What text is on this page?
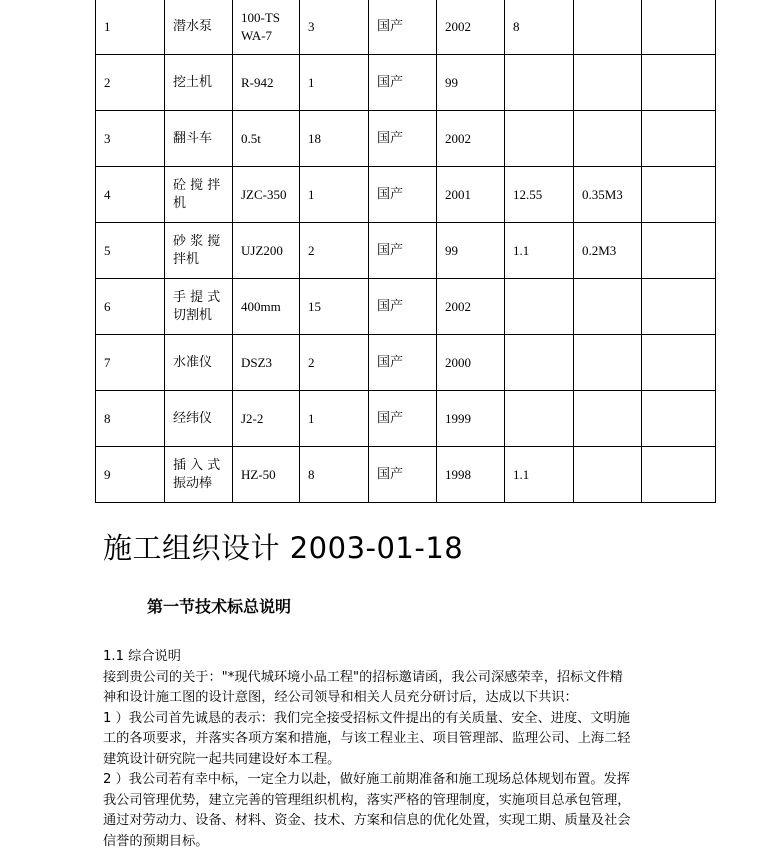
1	潜水泵	100-TSWA-7	3	国产	2002	8		
2	挖土机	R-942	1	国产	99			
3	翻斗车	0.5t	18	国产	2002			
4	砼 搅 拌 机	JZC-350	1	国产	2001	12.55	0.35M3	
5	砂 浆 搅 拌机	UJZ200	2	国产	99	1.1	0.2M3	
6	手 提 式 切割机	400mm	15	国产	2002			
7	水准仪	DSZ3	2	国产	2000			
8	经纬仪	J2-2	1	国产	1999			
9	插 入 式 振动棒	HZ-50	8	国产	1998	1.1		
施工组织设计 2003-01-18
第一节技术标总说明

1.1 综合说明

接到贵公司的关于："*现代城环境小品工程"的招标邀请函，我公司深感荣幸，招标文件精

神和设计施工图的设计意图，经公司领导和相关人员充分研讨后，达成以下共识：

1 ）我公司首先诚恳的表示：我们完全接受招标文件提出的有关质量、安全、进度、文明施

工的各项要求，并落实各项方案和措施，与该工程业主、项目管理部、监理公司、上海二轻

建筑设计研究院一起共同建设好本工程。

2 ）我公司若有幸中标，一定全力以赴，做好施工前期准备和施工现场总体规划布置。发挥

我公司管理优势，建立完善的管理组织机构，落实严格的管理制度，实施项目总承包管理，

通过对劳动力、设备、材料、资金、技术、方案和信息的优化处置，实现工期、质量及社会

信誉的预期目标。
